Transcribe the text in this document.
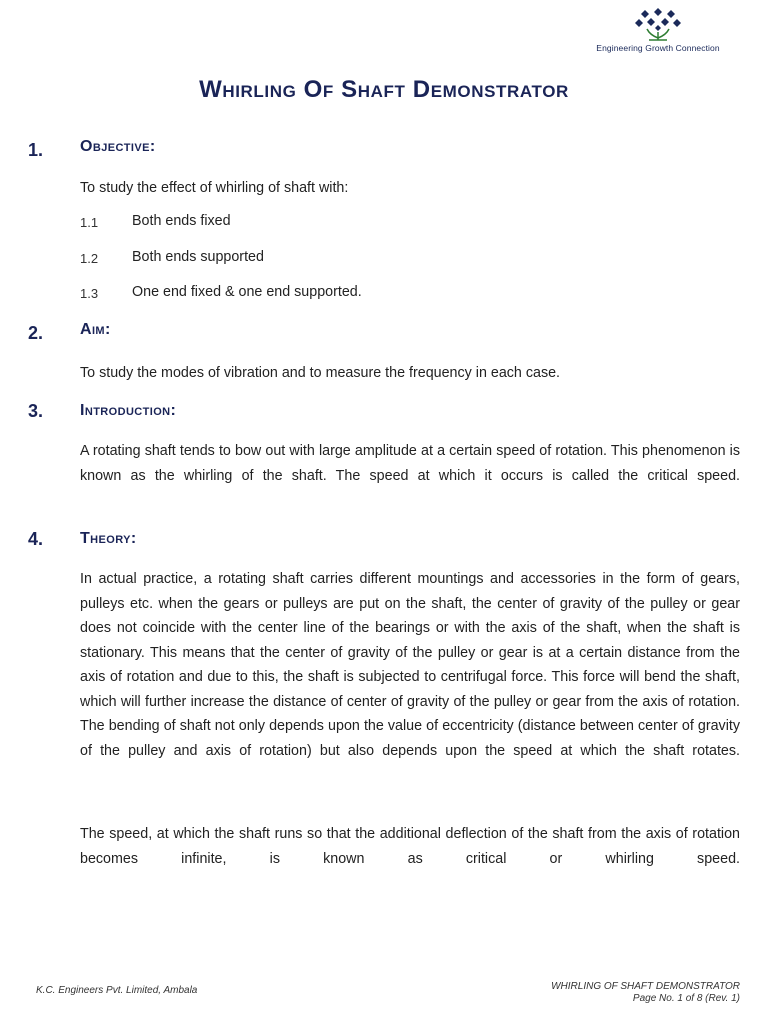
Engineering Growth Connection
Whirling Of Shaft Demonstrator
1. Objective:
To study the effect of whirling of shaft with:
1.1 Both ends fixed
1.2 Both ends supported
1.3 One end fixed & one end supported.
2. Aim:
To study the modes of vibration and to measure the frequency in each case.
3. Introduction:
A rotating shaft tends to bow out with large amplitude at a certain speed of rotation. This phenomenon is known as the whirling of the shaft. The speed at which it occurs is called the critical speed.
4. Theory:
In actual practice, a rotating shaft carries different mountings and accessories in the form of gears, pulleys etc. when the gears or pulleys are put on the shaft, the center of gravity of the pulley or gear does not coincide with the center line of the bearings or with the axis of the shaft, when the shaft is stationary. This means that the center of gravity of the pulley or gear is at a certain distance from the axis of rotation and due to this, the shaft is subjected to centrifugal force. This force will bend the shaft, which will further increase the distance of center of gravity of the pulley or gear from the axis of rotation. The bending of shaft not only depends upon the value of eccentricity (distance between center of gravity of the pulley and axis of rotation) but also depends upon the speed at which the shaft rotates.
The speed, at which the shaft runs so that the additional deflection of the shaft from the axis of rotation becomes infinite, is known as critical or whirling speed.
K.C. Engineers Pvt. Limited, Ambala	WHIRLING OF SHAFT DEMONSTRATOR
Page No. 1 of 8 (Rev. 1)
